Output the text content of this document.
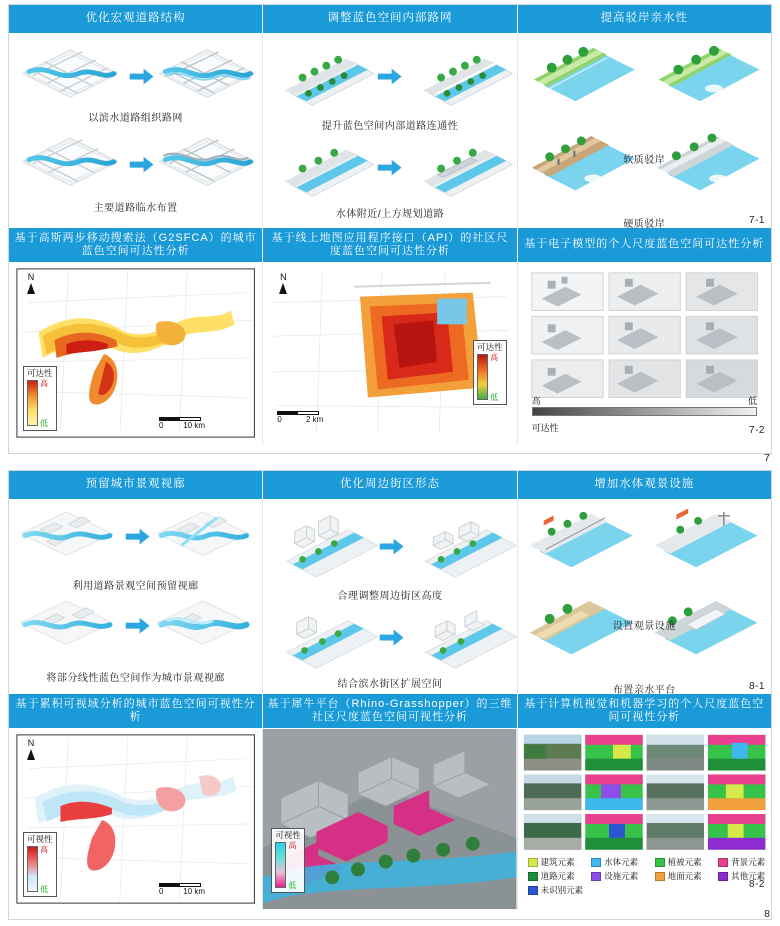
优化宏观道路结构	调整蓝色空间内部路网	提高驳岸亲水性
以滨水道路组织路网
主要道路临水布置
提升蓝色空间内部道路连通性
水体附近/上方规划道路
软质驳岸
硬质驳岸	7-1
基于高斯两步移动搜索法（G2SFCA）的城市蓝色空间可达性分析
基于线上地图应用程序接口（API）的社区尺度蓝色空间可达性分析
基于电子模型的个人尺度蓝色空间可达性分析
N
可达性
高
低	0 10 km
N
可达性
高
低
0	2 km
高	低
可达性	7-2
7
预留城市景观视廊	优化周边街区形态	增加水体观景设施
利用道路景观空间预留视廊
将部分线性蓝色空间作为城市景观视廊
合理调整周边街区高度
结合滨水街区扩展空间
设置观景设施
布置亲水平台	8-1
基于累积可视域分析的城市蓝色空间可视性分析
基于犀牛平台（Rhino-Grasshopper）的三维社区尺度蓝色空间可视性分析
基于计算机视觉和机器学习的个人尺度蓝色空间可视性分析
N
可视性
高
低	0 10 km
可视性
高
低
建筑元素	水体元素	植被元素	背景元素
道路元素	设施元素	地面元素	其他元素
未识别元素	8-2
8
